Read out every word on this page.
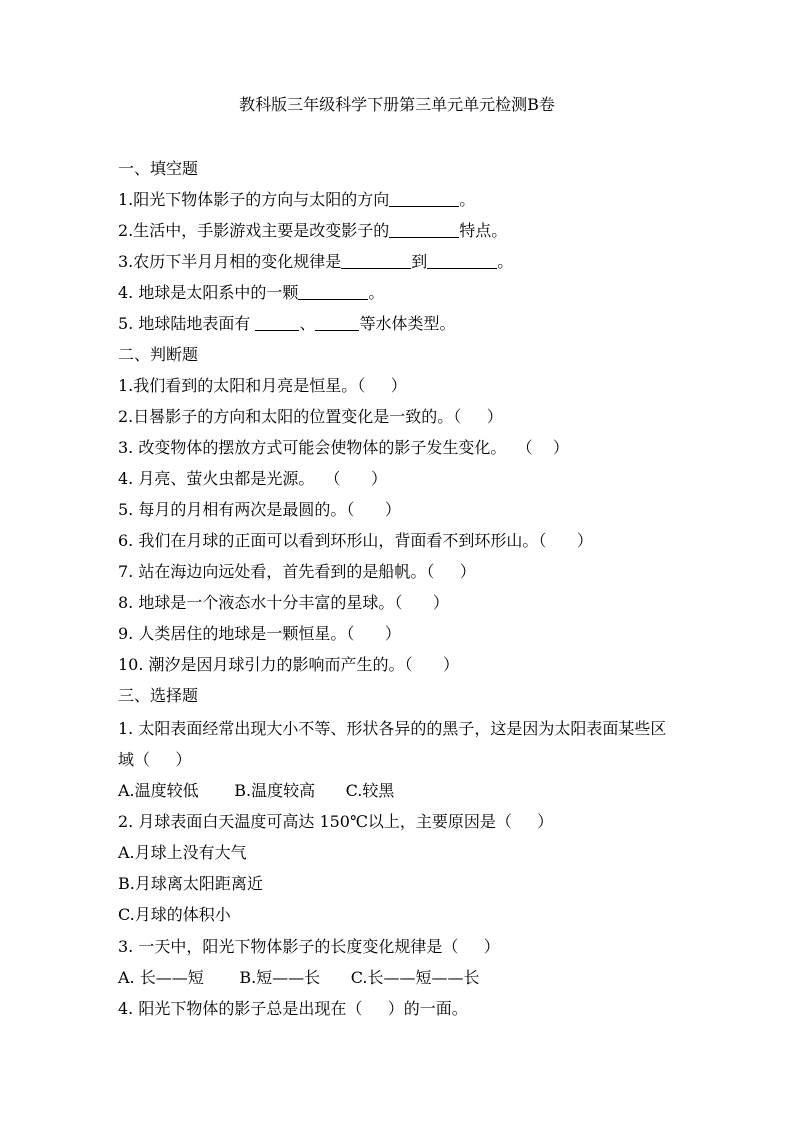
教科版三年级科学下册第三单元单元检测B卷
一、填空题
1.阳光下物体影子的方向与太阳的方向	。
2.生活中，手影游戏主要是改变影子的	特点。
3.农历下半月月相的变化规律是	到	。
4. 地球是太阳系中的一颗	。
5. 地球陆地表面有	、	等水体类型。
二、判断题
1.我们看到的太阳和月亮是恒星。（     ）
2.日晷影子的方向和太阳的位置变化是一致的。（     ）
3. 改变物体的摆放方式可能会使物体的影子发生变化。  （    ）
4. 月亮、萤火虫都是光源。  （      ）
5. 每月的月相有两次是最圆的。（      ）
6. 我们在月球的正面可以看到环形山，背面看不到环形山。（      ）
7. 站在海边向远处看，首先看到的是船帆。（     ）
8. 地球是一个液态水十分丰富的星球。（      ）
9. 人类居住的地球是一颗恒星。（      ）
10. 潮汐是因月球引力的影响而产生的。（      ）
三、选择题
1. 太阳表面经常出现大小不等、形状各异的的黑子，这是因为太阳表面某些区
域（     ）
A.温度较低       B.温度较高      C.较黑
2. 月球表面白天温度可高达 150℃以上，主要原因是（     ）
A.月球上没有大气
B.月球离太阳距离近
C.月球的体积小
3. 一天中，阳光下物体影子的长度变化规律是（     ）
A. 长——短       B.短——长      C.长——短——长
4. 阳光下物体的影子总是出现在（     ）的一面。
